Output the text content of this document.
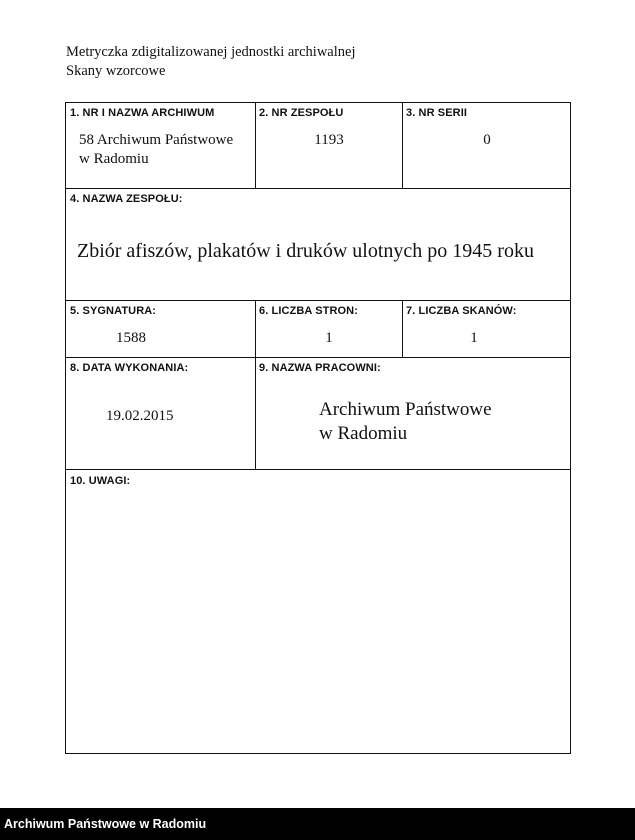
Metryczka zdigitalizowanej jednostki archiwalnej
Skany wzorcowe
1. NR I NAZWA ARCHIWUM
58 Archiwum Państwowe
w Radomiu
2. NR ZESPOŁU
1193
3. NR SERII
0
4. NAZWA ZESPOŁU:
Zbiór afiszów, plakatów i druków ulotnych po 1945 roku
5. SYGNATURA:
1588
6. LICZBA STRON:
1
7. LICZBA SKANÓW:
1
8. DATA WYKONANIA:
19.02.2015
9. NAZWA PRACOWNI:
Archiwum Państwowe
w Radomiu
10. UWAGI:
Archiwum Państwowe w Radomiu
